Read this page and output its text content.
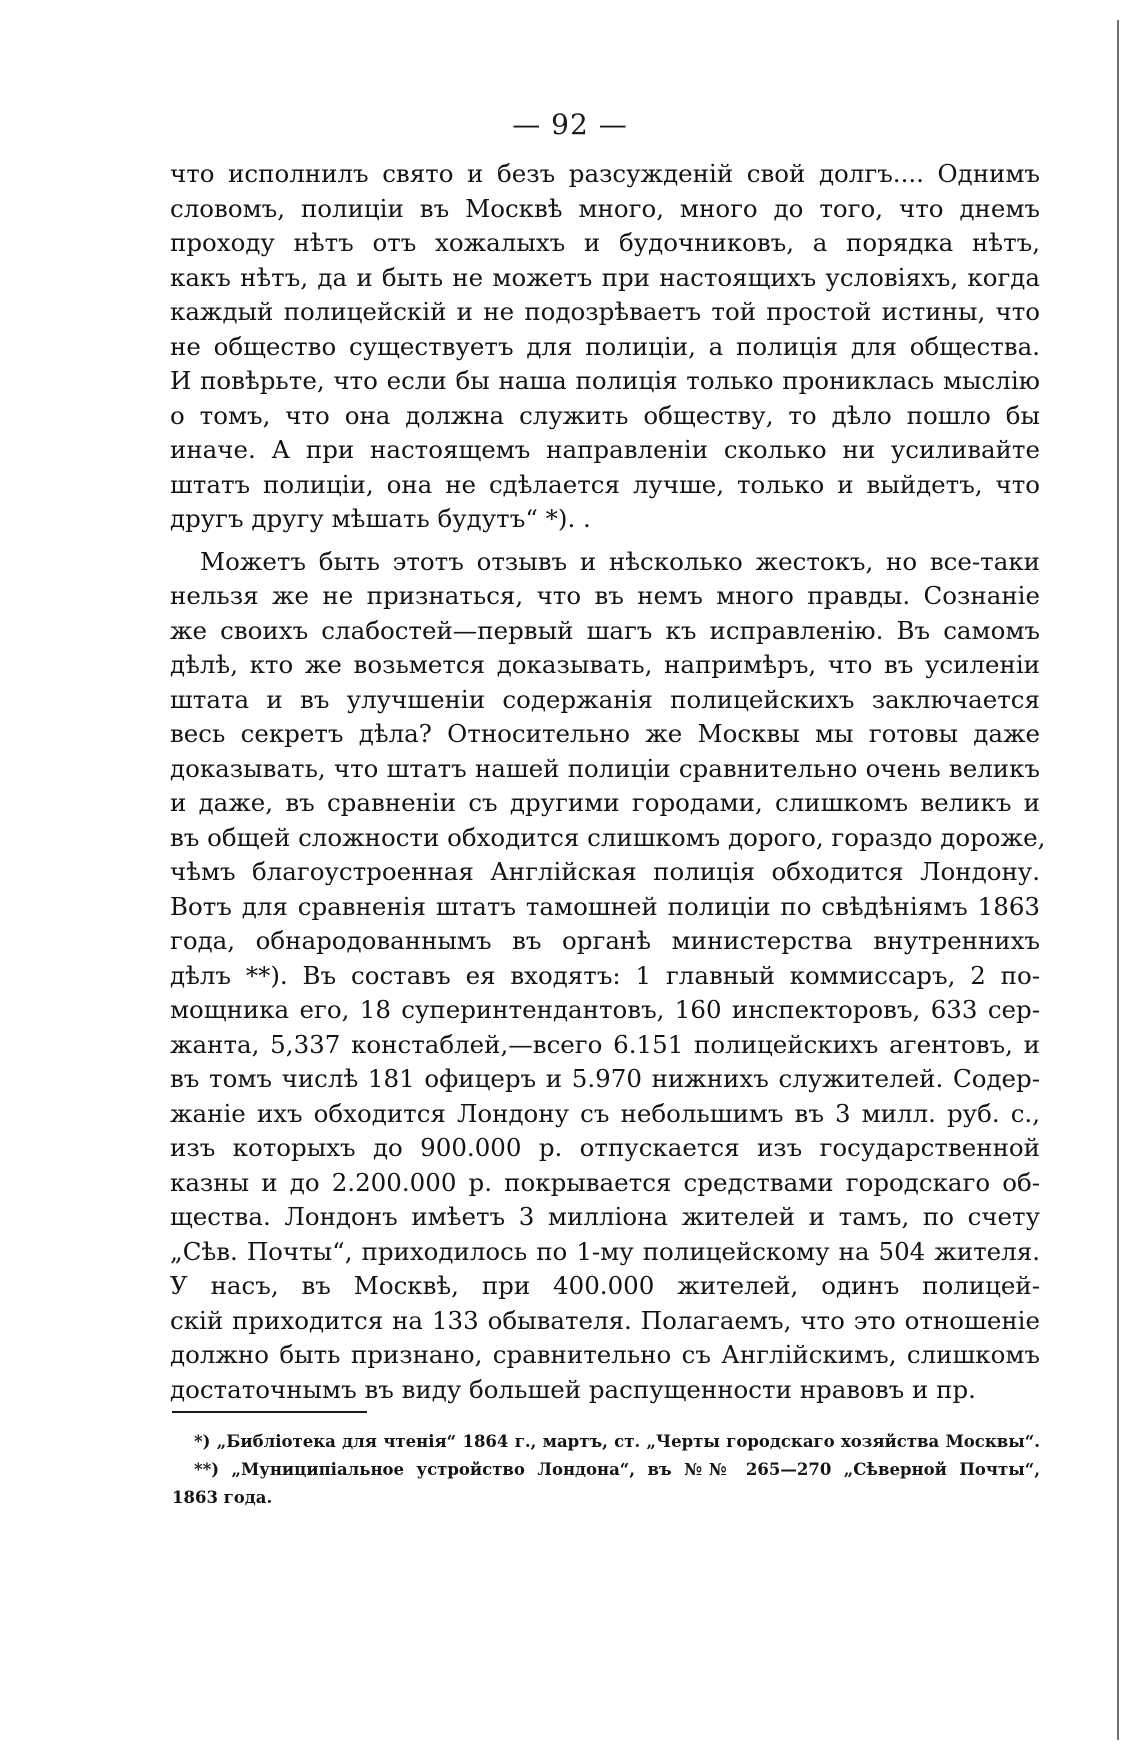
— 92 —
что исполнилъ свято и безъ разсужденій свой долгъ.... Однимъ
словомъ, полиціи въ Москвѣ много, много до того, что днемъ
проходу нѣтъ отъ хожалыхъ и будочниковъ, а порядка нѣтъ,
какъ нѣтъ, да и быть не можетъ при настоящихъ условіяхъ, когда
каждый полицейскій и не подозрѣваетъ той простой истины, что
не общество существуетъ для полиціи, а полиція для общества.
И повѣрьте, что если бы наша полиція только прониклась мыслію
о томъ, что она должна служить обществу, то дѣло пошло бы
иначе. А при настоящемъ направленіи сколько ни усиливайте
штатъ полиціи, она не сдѣлается лучше, только и выйдетъ, что
другъ другу мѣшать будутъ“ *). .
Можетъ быть этотъ отзывъ и нѣсколько жестокъ, но все-таки
нельзя же не признаться, что въ немъ много правды. Сознаніе
же своихъ слабостей—первый шагъ къ исправленію. Въ самомъ
дѣлѣ, кто же возьмется доказывать, напримѣръ, что въ усиленіи
штата и въ улучшеніи содержанія полицейскихъ заключается
весь секретъ дѣла? Относительно же Москвы мы готовы даже
доказывать, что штатъ нашей полиціи сравнительно очень великъ
и даже, въ сравненіи съ другими городами, слишкомъ великъ и
въ общей сложности обходится слишкомъ дорого, гораздо дороже,
чѣмъ благоустроенная Англійская полиція обходится Лондону.
Вотъ для сравненія штатъ тамошней полиціи по свѣдѣніямъ 1863
года, обнародованнымъ въ органѣ министерства внутреннихъ
дѣлъ **). Въ составъ ея входятъ: 1 главный коммиссаръ, 2 по-
мощника его, 18 суперинтендантовъ, 160 инспекторовъ, 633 сер-
жанта, 5,337 констаблей,—всего 6.151 полицейскихъ агентовъ, и
въ томъ числѣ 181 офицеръ и 5.970 нижнихъ служителей. Содер-
жаніе ихъ обходится Лондону съ небольшимъ въ 3 милл. руб. с.,
изъ которыхъ до 900.000 р. отпускается изъ государственной
казны и до 2.200.000 р. покрывается средствами городскаго об-
щества. Лондонъ имѣетъ 3 милліона жителей и тамъ, по счету
„Сѣв. Почты“, приходилось по 1-му полицейскому на 504 жителя.
У насъ, въ Москвѣ, при 400.000 жителей, одинъ полицей-
скій приходится на 133 обывателя. Полагаемъ, что это отношеніе
должно быть признано, сравнительно съ Англійскимъ, слишкомъ
достаточнымъ въ виду большей распущенности нравовъ и пр.
*) „Библіотека для чтенія“ 1864 г., мартъ, ст. „Черты городскаго хозяйства Москвы“.
**) „Муниципіальное устройство Лондона“, въ №№ 265—270 „Сѣверной Почты“,
1863 года.
